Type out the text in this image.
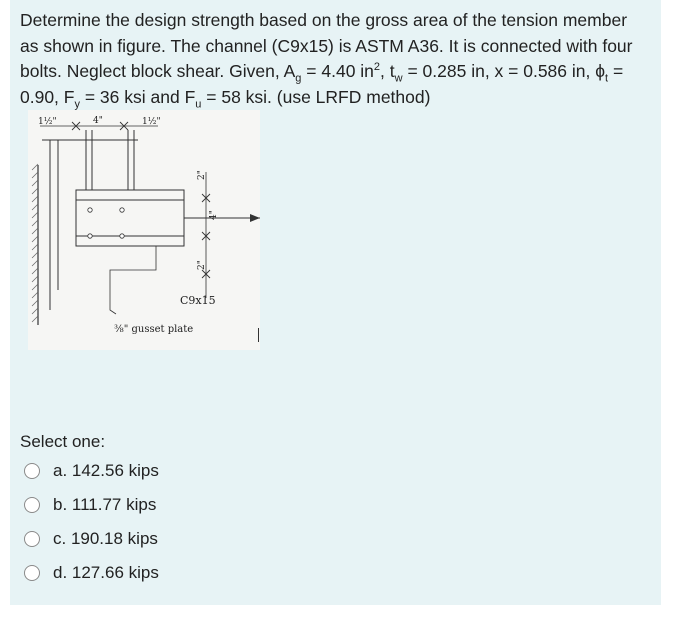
Determine the design strength based on the gross area of the tension member
as shown in figure. The channel (C9x15) is ASTM A36. It is connected with four
bolts. Neglect block shear. Given, $A_g = 4.40$ $in^2$, $t_w = 0.285$ in, x = 0.586 in, $\phi_t$ =
0.90, $F_y = 36$ ksi and $F_u = 58$ ksi. (use LRFD method)
1½"	4"	1½"
2"
4"
2"
C9x15
⅜" gusset plate
Select one:
a. 142.56 kips
b. 111.77 kips
c. 190.18 kips
d. 127.66 kips
